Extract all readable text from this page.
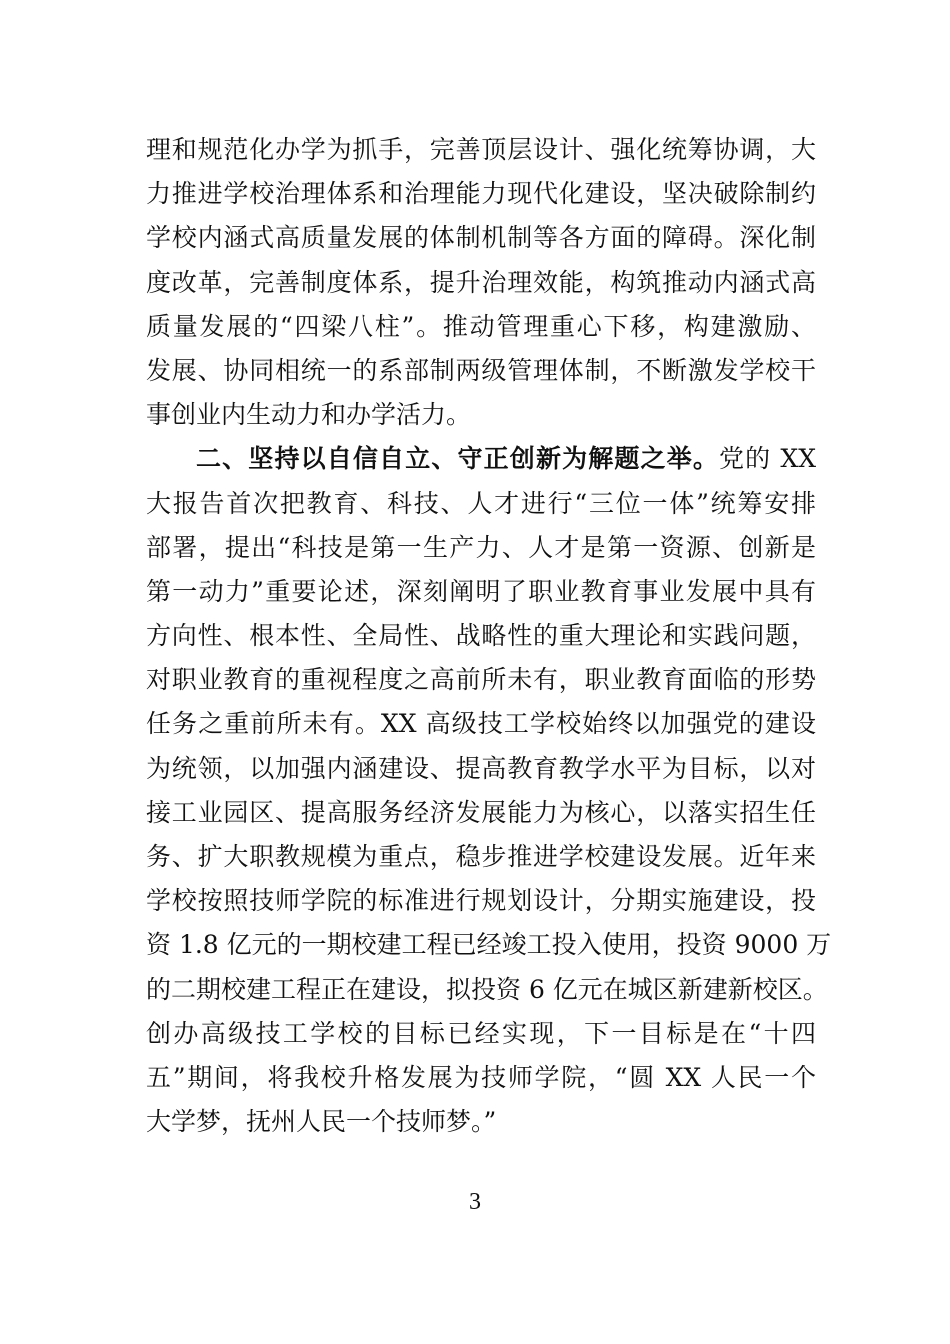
理和规范化办学为抓手，完善顶层设计、强化统筹协调，大
力推进学校治理体系和治理能力现代化建设，坚决破除制约
学校内涵式高质量发展的体制机制等各方面的障碍。深化制
度改革，完善制度体系，提升治理效能，构筑推动内涵式高
质量发展的“四梁八柱”。推动管理重心下移，构建激励、
发展、协同相统一的系部制两级管理体制，不断激发学校干
事创业内生动力和办学活力。
二、坚持以自信自立、守正创新为解题之举。党的 XX
大报告首次把教育、科技、人才进行“三位一体”统筹安排
部署，提出“科技是第一生产力、人才是第一资源、创新是
第一动力”重要论述，深刻阐明了职业教育事业发展中具有
方向性、根本性、全局性、战略性的重大理论和实践问题，
对职业教育的重视程度之高前所未有，职业教育面临的形势
任务之重前所未有。XX 高级技工学校始终以加强党的建设
为统领，以加强内涵建设、提高教育教学水平为目标，以对
接工业园区、提高服务经济发展能力为核心，以落实招生任
务、扩大职教规模为重点，稳步推进学校建设发展。近年来
学校按照技师学院的标准进行规划设计，分期实施建设，投
资 1.8 亿元的一期校建工程已经竣工投入使用，投资 9000 万
的二期校建工程正在建设，拟投资 6 亿元在城区新建新校区。
创办高级技工学校的目标已经实现，下一目标是在“十四
五”期间，将我校升格发展为技师学院，“圆 XX 人民一个
大学梦，抚州人民一个技师梦。”
3
